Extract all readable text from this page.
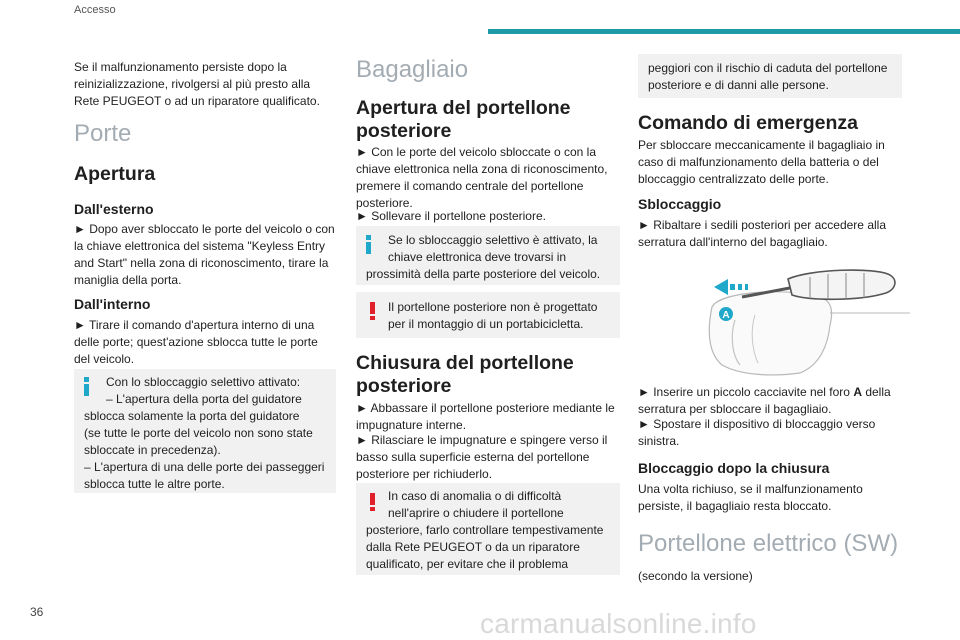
Accesso
36	carmanualsonline.info

Se il malfunzionamento persiste dopo la reinizializzazione, rivolgersi al più presto alla Rete PEUGEOT o ad un riparatore qualificato.

Porte
Apertura
Dall'esterno

► Dopo aver sbloccato le porte del veicolo o con la chiave elettronica del sistema "Keyless Entry and Start" nella zona di riconoscimento, tirare la maniglia della porta.

Dall'interno

► Tirare il comando d'apertura interno di una delle porte; quest'azione sblocca tutte le porte del veicolo.

Con lo sbloccaggio selettivo attivato:

– L'apertura della porta del guidatore

sblocca solamente la porta del guidatore

(se tutte le porte del veicolo non sono state

sbloccate in precedenza).

– L'apertura di una delle porte dei passeggeri

sblocca tutte le altre porte.

Bagagliaio
Apertura del portellone posteriore

► Con le porte del veicolo sbloccate o con la chiave elettronica nella zona di riconoscimento, premere il comando centrale del portellone posteriore.

► Sollevare il portellone posteriore.

Se lo sbloccaggio selettivo è attivato, la

chiave elettronica deve trovarsi in

prossimità della parte posteriore del veicolo.

Il portellone posteriore non è progettato

per il montaggio di un portabicicletta.

Chiusura del portellone posteriore

► Abbassare il portellone posteriore mediante le impugnature interne.

► Rilasciare le impugnature e spingere verso il basso sulla superficie esterna del portellone posteriore per richiuderlo.

In caso di anomalia o di difficoltà

nell'aprire o chiudere il portellone

posteriore, farlo controllare tempestivamente

dalla Rete PEUGEOT o da un riparatore

qualificato, per evitare che il problema

peggiori con il rischio di caduta del portellone

posteriore e di danni alle persone.

Comando di emergenza

Per sbloccare meccanicamente il bagagliaio in caso di malfunzionamento della batteria o del bloccaggio centralizzato delle porte.

Sbloccaggio

► Ribaltare i sedili posteriori per accedere alla serratura dall'interno del bagagliaio.

A

► Inserire un piccolo cacciavite nel foro A della serratura per sbloccare il bagagliaio.

► Spostare il dispositivo di bloccaggio verso sinistra.

Bloccaggio dopo la chiusura

Una volta richiuso, se il malfunzionamento persiste, il bagagliaio resta bloccato.

Portellone elettrico (SW)

(secondo la versione)
